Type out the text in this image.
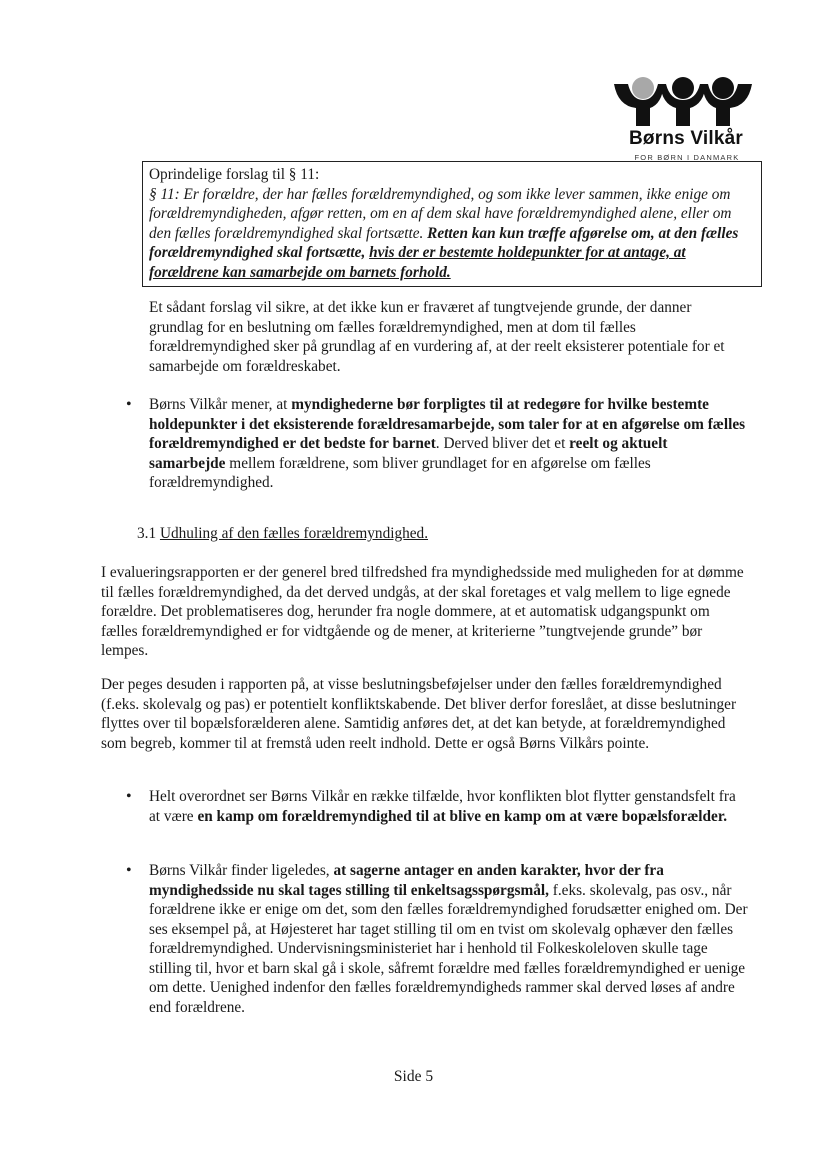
Børns Vilkår
FOR BØRN I DANMARK

Oprindelige forslag til § 11:

§ 11: Er forældre, der har fælles forældremyndighed, og som ikke lever sammen, ikke enige om forældremyndigheden, afgør retten, om en af dem skal have forældremyndighed alene, eller om den fælles forældremyndighed skal fortsætte. Retten kan kun træffe afgørelse om, at den fælles forældremyndighed skal fortsætte, hvis der er bestemte holdepunkter for at antage, at forældrene kan samarbejde om barnets forhold.

Et sådant forslag vil sikre, at det ikke kun er fraværet af tungtvejende grunde, der danner grundlag for en beslutning om fælles forældremyndighed, men at dom til fælles forældremyndighed sker på grundlag af en vurdering af, at der reelt eksisterer potentiale for et samarbejde om forældreskabet.

• Børns Vilkår mener, at myndighederne bør forpligtes til at redegøre for hvilke bestemte holdepunkter i det eksisterende forældresamarbejde, som taler for at en afgørelse om fælles forældremyndighed er det bedste for barnet. Derved bliver det et reelt og aktuelt samarbejde mellem forældrene, som bliver grundlaget for en afgørelse om fælles forældremyndighed.

3.1 Udhuling af den fælles forældremyndighed.

I evalueringsrapporten er der generel bred tilfredshed fra myndighedsside med muligheden for at dømme til fælles forældremyndighed, da det derved undgås, at der skal foretages et valg mellem to lige egnede forældre. Det problematiseres dog, herunder fra nogle dommere, at et automatisk udgangspunkt om fælles forældremyndighed er for vidtgående og de mener, at kriterierne ”tungtvejende grunde” bør lempes.

Der peges desuden i rapporten på, at visse beslutningsbeføjelser under den fælles forældremyndighed (f.eks. skolevalg og pas) er potentielt konfliktskabende. Det bliver derfor foreslået, at disse beslutninger flyttes over til bopælsforælderen alene. Samtidig anføres det, at det kan betyde, at forældremyndighed som begreb, kommer til at fremstå uden reelt indhold. Dette er også Børns Vilkårs pointe.

• Helt overordnet ser Børns Vilkår en række tilfælde, hvor konflikten blot flytter genstandsfelt fra at være en kamp om forældremyndighed til at blive en kamp om at være bopælsforælder.

• Børns Vilkår finder ligeledes, at sagerne antager en anden karakter, hvor der fra myndighedsside nu skal tages stilling til enkeltsagsspørgsmål, f.eks. skolevalg, pas osv., når forældrene ikke er enige om det, som den fælles forældremyndighed forudsætter enighed om. Der ses eksempel på, at Højesteret har taget stilling til om en tvist om skolevalg ophæver den fælles forældremyndighed. Undervisningsministeriet har i henhold til Folkeskoleloven skulle tage stilling til, hvor et barn skal gå i skole, såfremt forældre med fælles forældremyndighed er uenige om dette. Uenighed indenfor den fælles forældremyndigheds rammer skal derved løses af andre end forældrene.

Side 5
